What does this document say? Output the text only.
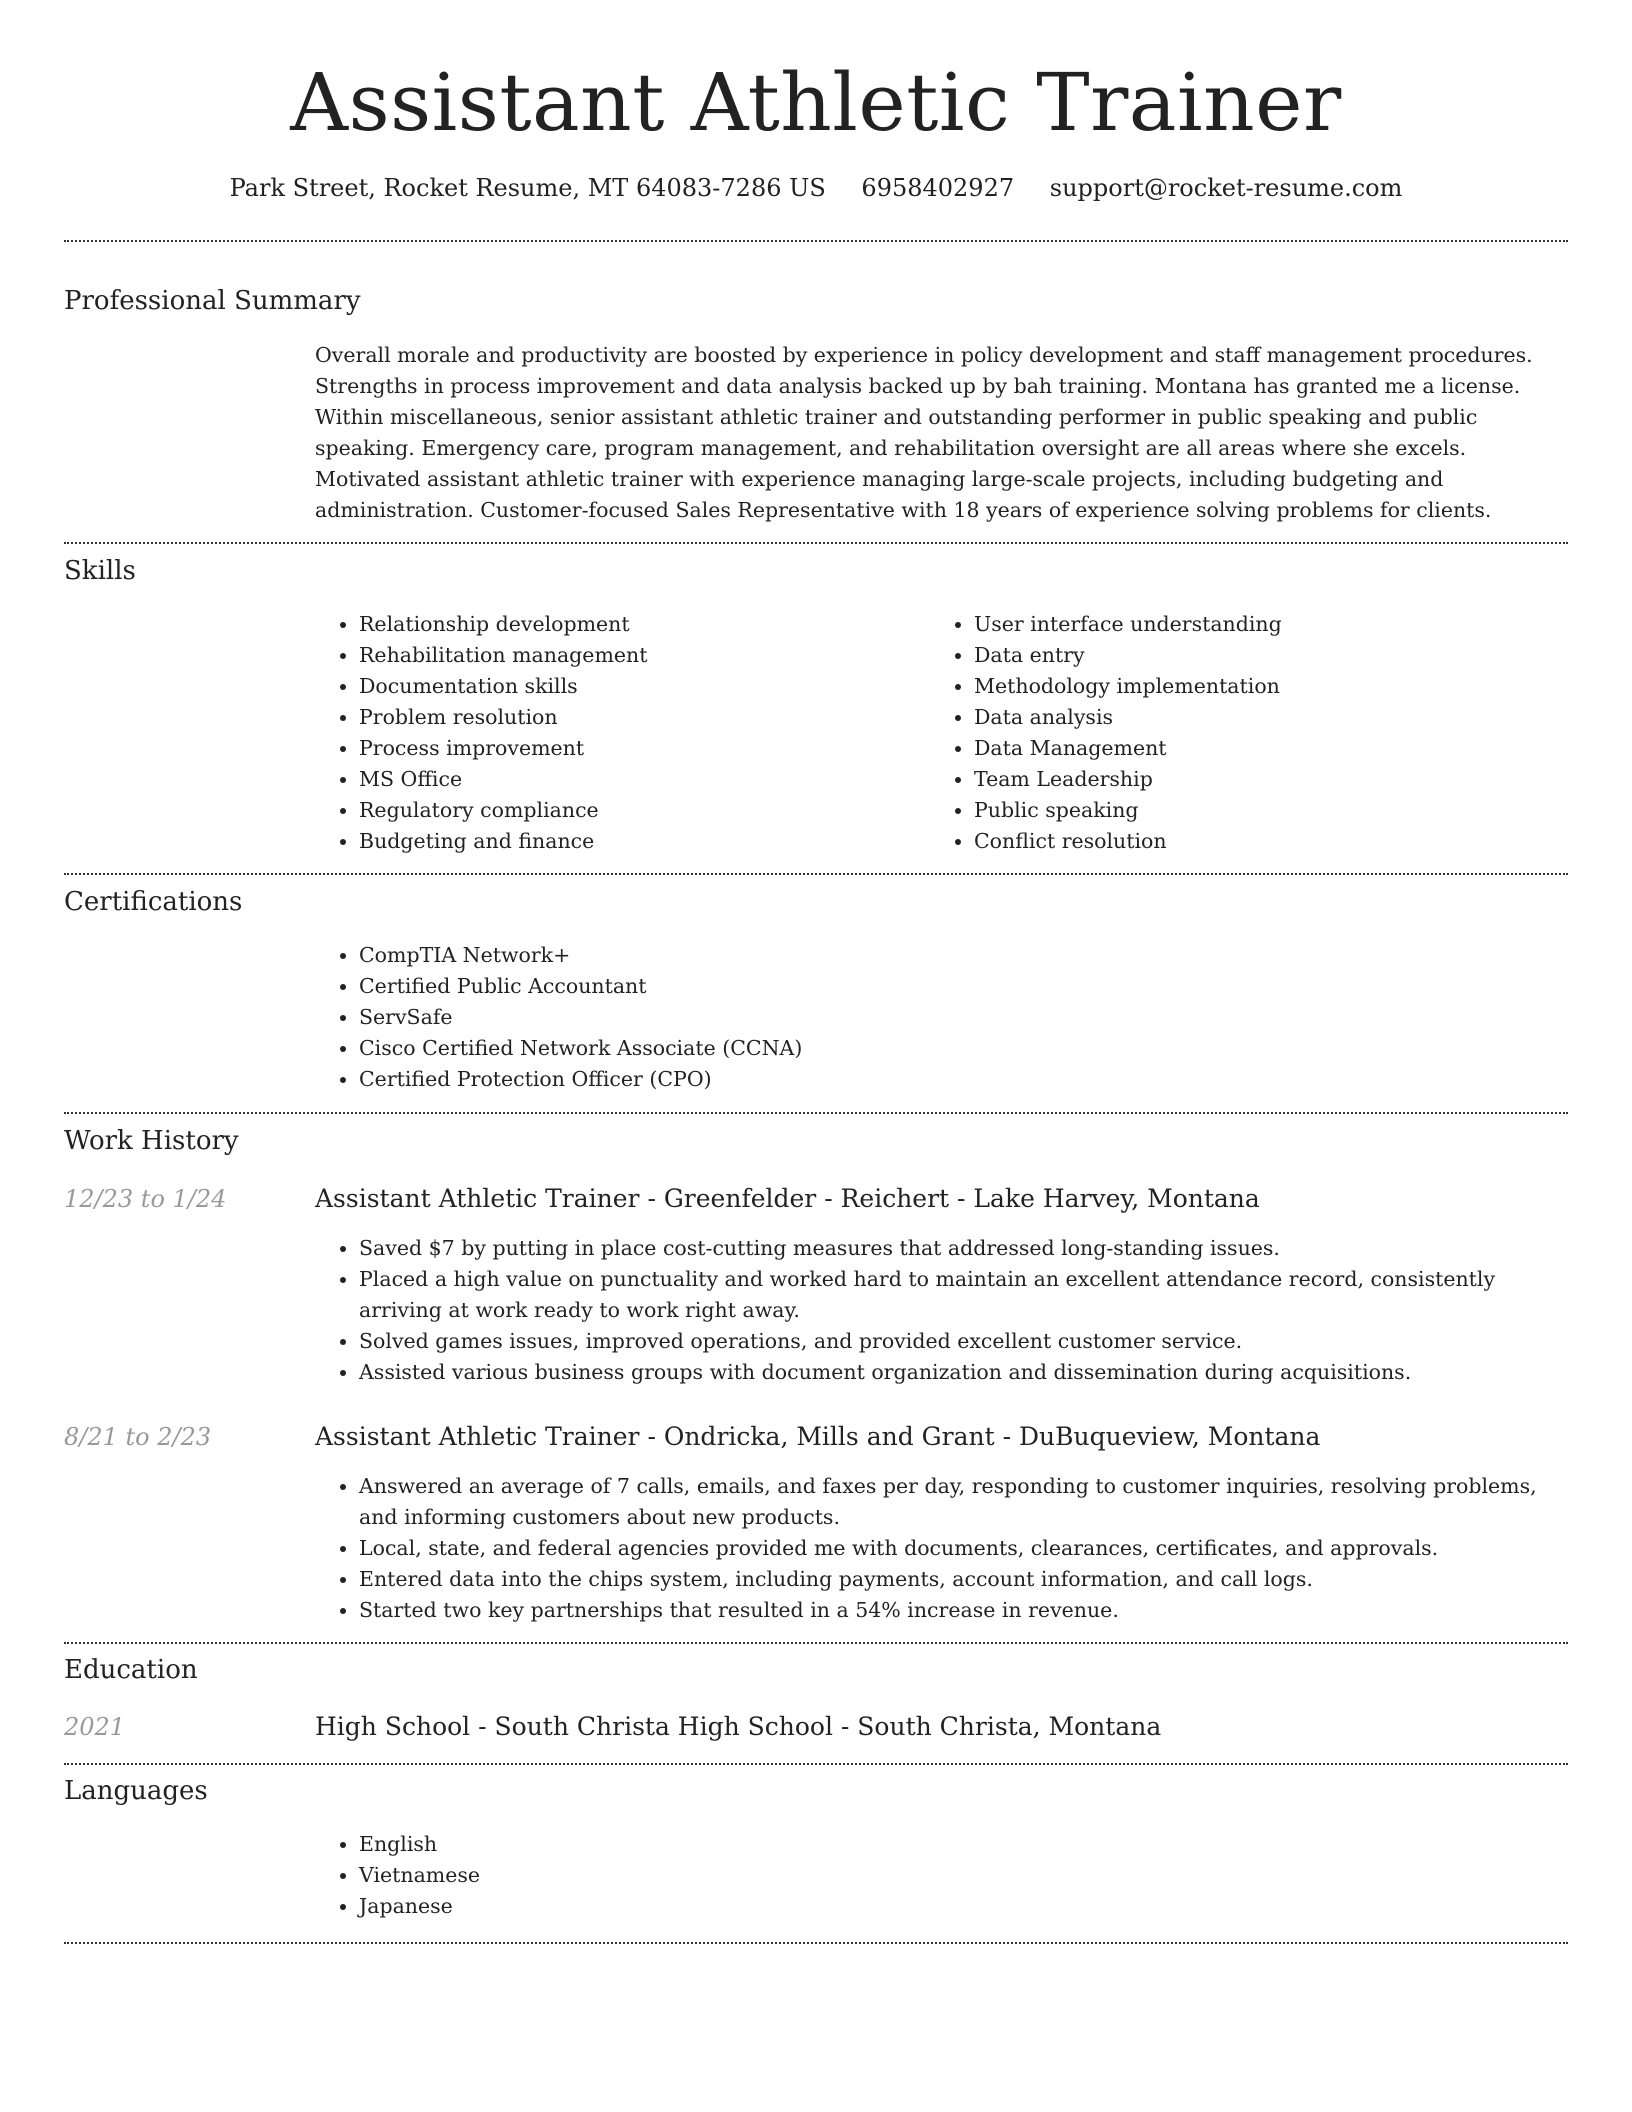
Assistant Athletic Trainer
Park Street, Rocket Resume, MT 64083-7286 US 6958402927 support@rocket-resume.com
Professional Summary

Overall morale and productivity are boosted by experience in policy development and staff management procedures. Strengths in process improvement and data analysis backed up by bah training. Montana has granted me a license. Within miscellaneous, senior assistant athletic trainer and outstanding performer in public speaking and public speaking. Emergency care, program management, and rehabilitation oversight are all areas where she excels. Motivated assistant athletic trainer with experience managing large-scale projects, including budgeting and administration. Customer-focused Sales Representative with 18 years of experience solving problems for clients.

Skills
• Relationship development
• Rehabilitation management
• Documentation skills
• Problem resolution
• Process improvement
• MS Office
• Regulatory compliance
• Budgeting and finance
• User interface understanding
• Data entry
• Methodology implementation
• Data analysis
• Data Management
• Team Leadership
• Public speaking
• Conflict resolution
Certifications
• CompTIA Network+
• Certified Public Accountant
• ServSafe
• Cisco Certified Network Associate (CCNA)
• Certified Protection Officer (CPO)
Work History
12/23 to 1/24	Assistant Athletic Trainer - Greenfelder - Reichert - Lake Harvey, Montana
• Saved $7 by putting in place cost-cutting measures that addressed long-standing issues.
• Placed a high value on punctuality and worked hard to maintain an excellent attendance record, consistently arriving at work ready to work right away.
• Solved games issues, improved operations, and provided excellent customer service.
• Assisted various business groups with document organization and dissemination during acquisitions.
8/21 to 2/23	Assistant Athletic Trainer - Ondricka, Mills and Grant - DuBuqueview, Montana
• Answered an average of 7 calls, emails, and faxes per day, responding to customer inquiries, resolving problems, and informing customers about new products.
• Local, state, and federal agencies provided me with documents, clearances, certificates, and approvals.
• Entered data into the chips system, including payments, account information, and call logs.
• Started two key partnerships that resulted in a 54% increase in revenue.
Education
2021	High School - South Christa High School - South Christa, Montana
Languages
• English
• Vietnamese
• Japanese
